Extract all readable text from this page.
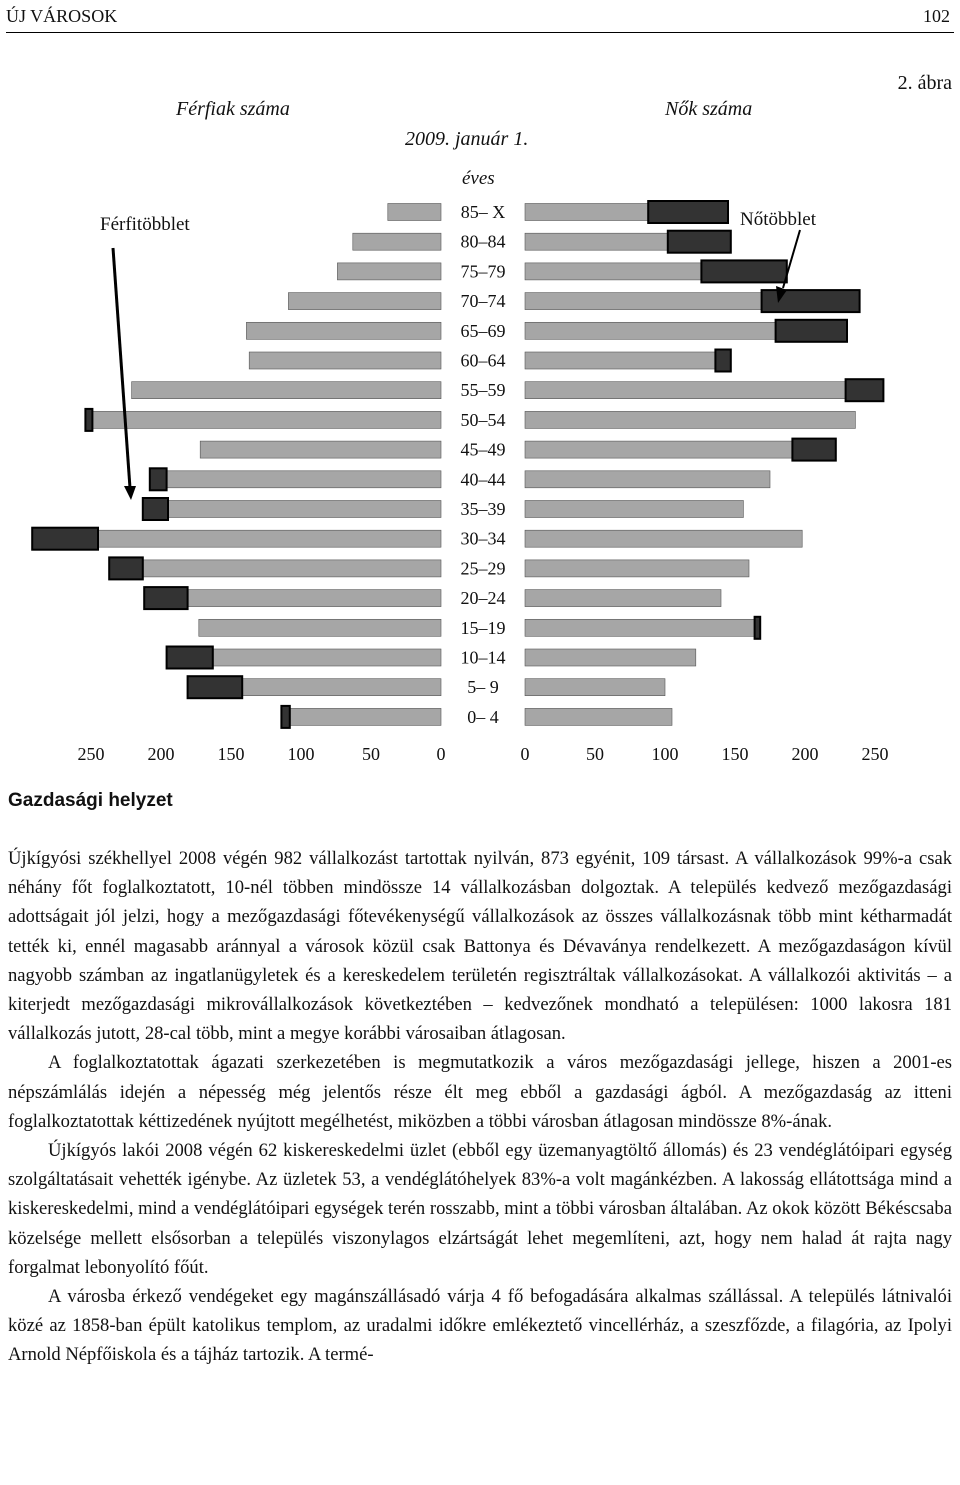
ÚJ VÁROSOK	102
2. ábra
Férfiak száma	Nők száma
2009. január 1.
éves
Férfitöbblet	Nőtöbblet
85– X
80–84
75–79
70–74
65–69
60–64
55–59
50–54
45–49
40–44
35–39
30–34
25–29
20–24
15–19
10–14
5– 9
0– 4
250 200 150 100	50	0	0	50	100 150 200 250
Gazdasági helyzet

Újkígyósi székhellyel 2008 végén 982 vállalkozást tartottak nyilván, 873 egyénit, 109 társast. A vállalkozások 99%-a csak néhány főt foglalkoztatott, 10-nél többen mindössze 14 vállalkozásban dolgoztak. A település kedvező mezőgazdasági adottságait jól jelzi, hogy a mezőgazdasági főtevékenységű vállalkozások az összes vállalkozásnak több mint kétharmadát tették ki, ennél magasabb aránnyal a városok közül csak Battonya és Dévaványa rendelkezett. A mezőgazdaságon kívül nagyobb számban az ingatlanügyletek és a kereskedelem területén regisztráltak vállalkozásokat. A vállalkozói aktivitás – a kiterjedt mezőgazdasági mikrovállalkozások következtében – kedvezőnek mondható a településen: 1000 lakosra 181 vállalkozás jutott, 28-cal több, mint a megye korábbi városaiban átlagosan.

A foglalkoztatottak ágazati szerkezetében is megmutatkozik a város mezőgazdasági jellege, hiszen a 2001-es népszámlálás idején a népesség még jelentős része élt meg ebből a gazdasági ágból. A mezőgazdaság az itteni foglalkoztatottak kéttizedének nyújtott megélhetést, miközben a többi városban átlagosan mindössze 8%-ának.

Újkígyós lakói 2008 végén 62 kiskereskedelmi üzlet (ebből egy üzemanyagtöltő állomás) és 23 vendéglátóipari egység szolgáltatásait vehették igénybe. Az üzletek 53, a vendéglátóhelyek 83%-a volt magánkézben. A lakosság ellátottsága mind a kiskereskedelmi, mind a vendéglátóipari egységek terén rosszabb, mint a többi városban általában. Az okok között Békéscsaba közelsége mellett elsősorban a település viszonylagos elzártságát lehet megemlíteni, azt, hogy nem halad át rajta nagy forgalmat lebonyolító főút.

A városba érkező vendégeket egy magánszállásadó várja 4 fő befogadására alkalmas szállással. A település látnivalói közé az 1858-ban épült katolikus templom, az uradalmi időkre emlékeztető vincellérház, a szeszfőzde, a filagória, az Ipolyi Arnold Népfőiskola és a tájház tartozik. A termé-
